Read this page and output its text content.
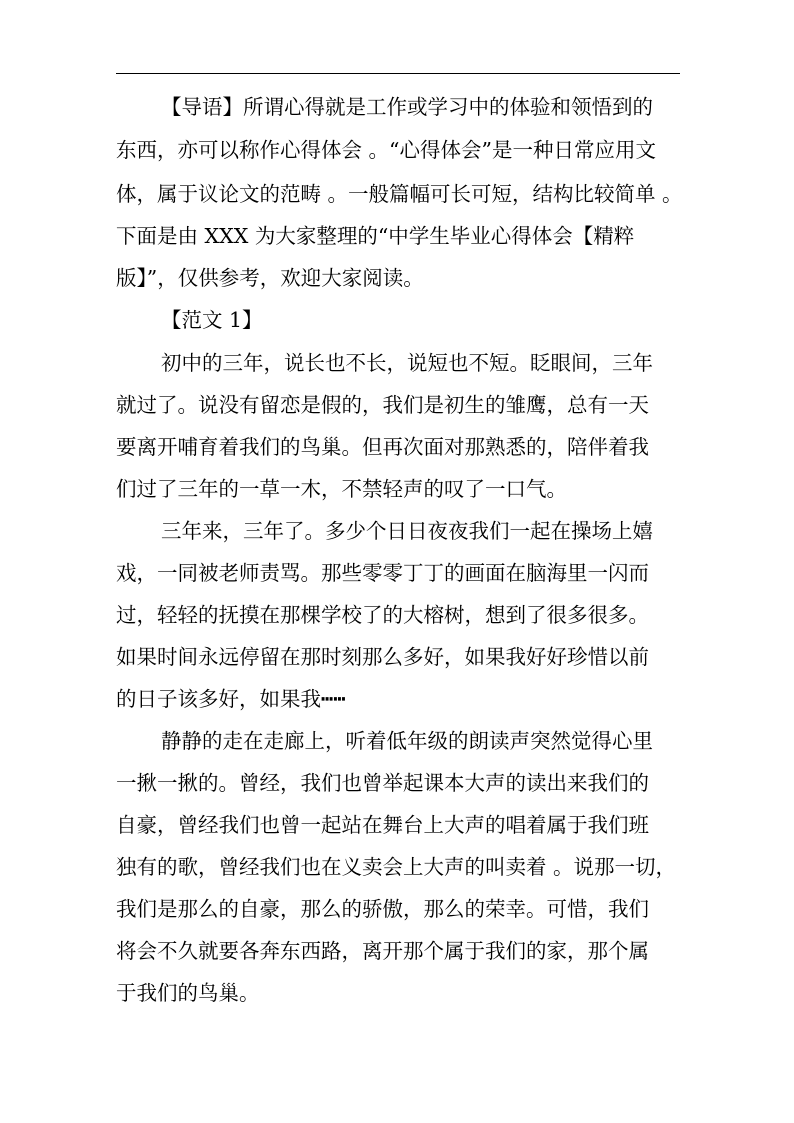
【导语】所谓心得就是工作或学习中的体验和领悟到的
东西，亦可以称作心得体会 。“心得体会”是一种日常应用文
体，属于议论文的范畴 。一般篇幅可长可短，结构比较简单 。
下面是由 XXX 为大家整理的“中学生毕业心得体会【精粹
版】”，仅供参考，欢迎大家阅读。
【范文 1】
初中的三年，说长也不长，说短也不短。眨眼间，三年
就过了。说没有留恋是假的，我们是初生的雏鹰，总有一天
要离开哺育着我们的鸟巢。但再次面对那熟悉的，陪伴着我
们过了三年的一草一木，不禁轻声的叹了一口气。
三年来，三年了。多少个日日夜夜我们一起在操场上嬉
戏，一同被老师责骂。那些零零丁丁的画面在脑海里一闪而
过，轻轻的抚摸在那棵学校了的大榕树，想到了很多很多。
如果时间永远停留在那时刻那么多好，如果我好好珍惜以前
的日子该多好，如果我┅┅
静静的走在走廊上，听着低年级的朗读声突然觉得心里
一揪一揪的。曾经，我们也曾举起课本大声的读出来我们的
自豪，曾经我们也曾一起站在舞台上大声的唱着属于我们班
独有的歌，曾经我们也在义卖会上大声的叫卖着 。说那一切，
我们是那么的自豪，那么的骄傲，那么的荣幸。可惜，我们
将会不久就要各奔东西路，离开那个属于我们的家，那个属
于我们的鸟巢。
